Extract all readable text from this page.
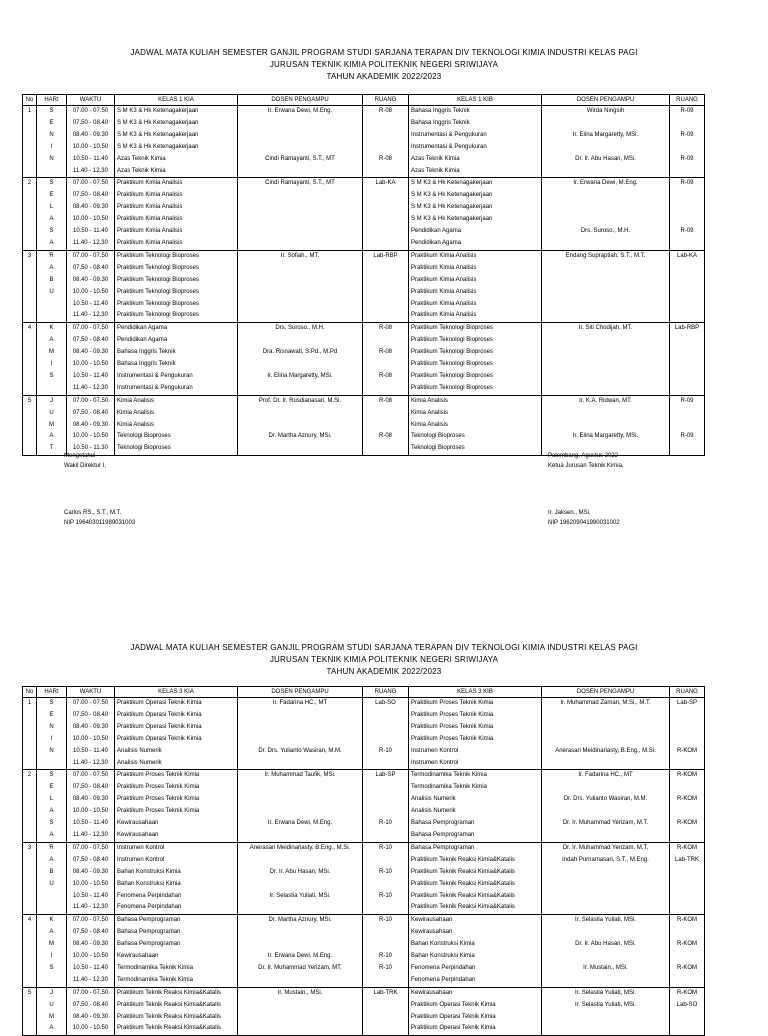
JADWAL MATA KULIAH SEMESTER GANJIL PROGRAM STUDI SARJANA TERAPAN DIV TEKNOLOGI KIMIA INDUSTRI KELAS PAGI
JURUSAN TEKNIK KIMIA POLITEKNIK NEGERI SRIWIJAYA
TAHUN AKADEMIK 2022/2023
No	HARI	WAKTU	KELAS 1 KIA	DOSEN PENGAMPU	RUANG	KELAS 1 KIB	DOSEN PENGAMPU	RUANG
1	S	07.00 - 07.50	S M K3 & Hk Ketenagakerjaan	Ir. Erwana Dewi, M.Eng.	R-08	Bahasa Inggris Teknik	Wirda Ningsih	R-09
	E	07.50 - 08.40	S M K3 & Hk Ketenagakerjaan			Bahasa Inggris Teknik		
	N	08.40 - 09.30	S M K3 & Hk Ketenagakerjaan			Instrumentasi & Pengukuran	Ir. Elina Margaretty, MSi.	R-09
	I	10.00 - 10.50	S M K3 & Hk Ketenagakerjaan			Instrumentasi & Pengukuran		
	N	10.50 - 11.40	Azas Teknik Kimia	Cindi Ramayanti, S.T., MT	R-08	Azas Teknik Kimia	Dr. Ir. Abu Hasan, MSi.	R-09
		11.40 - 12.30	Azas Teknik Kimia			Azas Teknik Kimia		
2	S	07.00 - 07.50	Praktikum Kimia Analisis	Cindi Ramayanti, S.T., MT	Lab-KA	S M K3 & Hk Ketenagakerjaan	Ir. Erwana Dewi, M.Eng.	R-09
	E	07.50 - 08.40	Praktikum Kimia Analisis			S M K3 & Hk Ketenagakerjaan		
	L	08.40 - 09.30	Praktikum Kimia Analisis			S M K3 & Hk Ketenagakerjaan		
	A	10.00 - 10.50	Praktikum Kimia Analisis			S M K3 & Hk Ketenagakerjaan		
	S	10.50 - 11.40	Praktikum Kimia Analisis			Pendidikan Agama	Drs. Suroso., M.H.	R-09
	A	11.40 - 12.30	Praktikum Kimia Analisis			Pendidikan Agama		
3	R	07.00 - 07.50	Praktikum Teknologi Bioproses	Ir. Sofiah., MT.	Lab-RBP	Praktikum Kimia Analisis	Endang Supraptiah, S.T., M.T.	Lab-KA
	A	07.50 - 08.40	Praktikum Teknologi Bioproses			Praktikum Kimia Analisis		
	B	08.40 - 09.30	Praktikum Teknologi Bioproses			Praktikum Kimia Analisis		
	U	10.00 - 10.50	Praktikum Teknologi Bioproses			Praktikum Kimia Analisis		
		10.50 - 11.40	Praktikum Teknologi Bioproses			Praktikum Kimia Analisis		
		11.40 - 12.30	Praktikum Teknologi Bioproses			Praktikum Kimia Analisis		
4	K	07.00 - 07.50	Pendidikan Agama	Drs. Suroso., M.H.	R-08	Praktikum Teknologi Bioproses	Ir. Siti Chodijah, MT.	Lab-RBP
	A	07.50 - 08.40	Pendidikan Agama			Praktikum Teknologi Bioproses		
	M	08.40 - 09.30	Bahasa Inggris Teknik	Dra. Risnawati, S.Pd., M.Pd	R-08	Praktikum Teknologi Bioproses		
	I	10.00 - 10.50	Bahasa Inggris Teknik			Praktikum Teknologi Bioproses		
	S	10.50 - 11.40	Instrumentasi & Pengukuran	Ir. Elina Margaretty, MSi.	R-08	Praktikum Teknologi Bioproses		
		11.40 - 12.30	Instrumentasi & Pengukuran			Praktikum Teknologi Bioproses		
5	J	07.00 - 07.50	Kimia Analisis	Prof. Dr. Ir. Rusdianasari, M.Si.	R-08	Kimia Analisis	Ir. K.A. Ridwan, MT.	R-09
	U	07.50 - 08.40	Kimia Analisis			Kimia Analisis		
	M	08.40 - 09.30	Kimia Analisis			Kimia Analisis		
	A	10.00 - 10.50	Teknologi Bioproses	Dr. Martha Aznury, MSi.	R-08	Teknologi Bioproses	Ir. Elina Margaretty, MSi.	R-09
	T	10.50 - 11.30	Teknologi Bioproses			Teknologi Bioproses		
Mengetahui
Wakil Direktur I,
Carlos RS., S.T., M.T.
NIP 196403011989031003
Palembang, Agustus 2022
Ketua Jurusan Teknik Kimia,
Ir. Jaksen., MSi.
NIP 196209041990031002
JADWAL MATA KULIAH SEMESTER GANJIL PROGRAM STUDI SARJANA TERAPAN DIV TEKNOLOGI KIMIA INDUSTRI KELAS PAGI
JURUSAN TEKNIK KIMIA POLITEKNIK NEGERI SRIWIJAYA
TAHUN AKADEMIK 2022/2023
No	HARI	WAKTU	KELAS 3 KIA	DOSEN PENGAMPU	RUANG	KELAS 3 KIB	DOSEN PENGAMPU	RUANG
1	S	07.00 - 07.50	Praktikum Operasi Teknik Kimia	Ir. Fadarina HC., MT	Lab-SO	Praktikum Proses Teknik Kimia	Ir. Muhammad Zaman, M.Si., M.T.	Lab-SP
	E	07.50 - 08.40	Praktikum Operasi Teknik Kimia			Praktikum Proses Teknik Kimia		
	N	08.40 - 09.30	Praktikum Operasi Teknik Kimia			Praktikum Proses Teknik Kimia		
	I	10.00 - 10.50	Praktikum Operasi Teknik Kimia			Praktikum Proses Teknik Kimia		
	N	10.50 - 11.40	Analisis Numerik	Dr. Drs. Yulianto Wasiran, M.M.	R-10	Instrumen Kontrol	Anerasari Meidinariasty, B.Eng., M.Si.	R-KOM
		11.40 - 12.30	Analisis Numerik			Instrumen Kontrol		
2	S	07.00 - 07.50	Praktikum Proses Teknik Kimia	Ir. Muhammad Taufik, MSi.	Lab-SP	Termodinamika Teknik Kimia	Ir. Fadarina HC., MT	R-KOM
	E	07.50 - 08.40	Praktikum Proses Teknik Kimia			Termodinamika Teknik Kimia		
	L	08.40 - 09.30	Praktikum Proses Teknik Kimia			Analisis Numerik	Dr. Drs. Yulianto Wasiran, M.M.	R-KOM
	A	10.00 - 10.50	Praktikum Proses Teknik Kimia			Analisis Numerik		
	S	10.50 - 11.40	Kewirausahaan	Ir. Erwana Dewi, M.Eng.	R-10	Bahasa Pemprograman	Dr. Ir. Muhammad Yerizam, M.T.	R-KOM
	A	11.40 - 12.30	Kewirausahaan			Bahasa Pemprograman		
3	R	07.00 - 07.50	Instrumen Kontrol	Anerasari Meidinariasty, B.Eng., M.Si.	R-10	Bahasa Pemprograman	Dr. Ir. Muhammad Yerizam, M.T.	R-KOM
	A	07.50 - 08.40	Instrumen Kontrol			Praktikum Teknik Reaksi Kimia&Katalis	Indah Purnamasari, S.T., M.Eng.	Lab-TRK
	B	08.40 - 09.30	Bahan Konstruksi Kimia	Dr. Ir. Abu Hasan, MSi.	R-10	Praktikum Teknik Reaksi Kimia&Katalis		
	U	10.00 - 10.50	Bahan Konstruksi Kimia			Praktikum Teknik Reaksi Kimia&Katalis		
		10.50 - 11.40	Fenomena Perpindahan	Ir. Selastia Yuliati, MSi.	R-10	Praktikum Teknik Reaksi Kimia&Katalis		
		11.40 - 12.30	Fenomena Perpindahan			Praktikum Teknik Reaksi Kimia&Katalis		
4	K	07.00 - 07.50	Bahasa Pemprograman	Dr. Martha Aznury, MSi.	R-10	Kewirausahaan	Ir. Selastia Yuliati, MSi.	R-KOM
	A	07.50 - 08.40	Bahasa Pemprograman			Kewirausahaan		
	M	08.40 - 09.30	Bahasa Pemprograman			Bahan Konstruksi Kimia	Dr. Ir. Abu Hasan, MSi.	R-KOM
	I	10.00 - 10.50	Kewirausahaan	Ir. Erwana Dewi, M.Eng.	R-10	Bahan Konstruksi Kimia		
	S	10.50 - 11.40	Termodinamika Teknik Kimia	Dr. Ir. Muhammad Yerizam, MT.	R-10	Fenomena Perpindahan	Ir. Mustain., MSi.	R-KOM
		11.40 - 12.30	Termodinamika Teknik Kimia			Fenomena Perpindahan		
5	J	07.00 - 07.50	Praktikum Teknik Reaksi Kimia&Katalis	Ir. Mustain., MSi.	Lab-TRK	Kewirausahaan	Ir. Selastia Yuliati, MSi.	R-KOM
	U	07.50 - 08.40	Praktikum Teknik Reaksi Kimia&Katalis			Praktikum Operasi Teknik Kimia	Ir. Selastia Yuliati, MSi.	Lab-SO
	M	08.40 - 09.30	Praktikum Teknik Reaksi Kimia&Katalis			Praktikum Operasi Teknik Kimia		
	A	10.00 - 10.50	Praktikum Teknik Reaksi Kimia&Katalis			Praktikum Operasi Teknik Kimia		
